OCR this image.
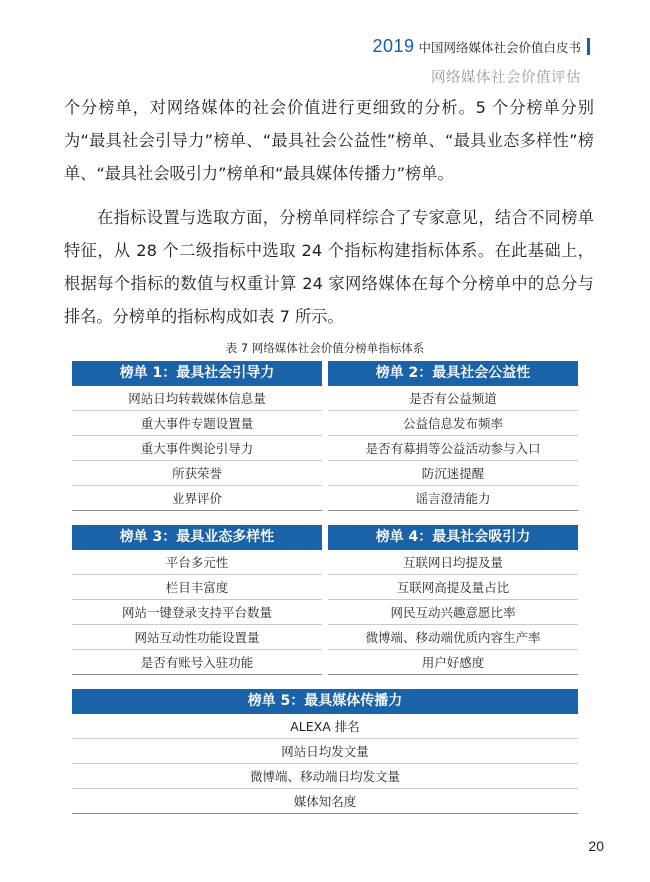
2019 中国网络媒体社会价值白皮书
网络媒体社会价值评估

个分榜单，对网络媒体的社会价值进行更细致的分析。5 个分榜单分别为“最具社会引导力”榜单、“最具社会公益性”榜单、“最具业态多样性”榜单、“最具社会吸引力”榜单和“最具媒体传播力”榜单。

在指标设置与选取方面，分榜单同样综合了专家意见，结合不同榜单特征，从 28 个二级指标中选取 24 个指标构建指标体系。在此基础上，根据每个指标的数值与权重计算 24 家网络媒体在每个分榜单中的总分与排名。分榜单的指标构成如表 7 所示。

表 7 网络媒体社会价值分榜单指标体系
榜单 1：最具社会引导力
网站日均转载媒体信息量
重大事件专题设置量
重大事件舆论引导力
所获荣誉
业界评价
榜单 2：最具社会公益性
是否有公益频道
公益信息发布频率
是否有募捐等公益活动参与入口
防沉迷提醒
谣言澄清能力
榜单 3：最具业态多样性
平台多元性
栏目丰富度
网站一键登录支持平台数量
网站互动性功能设置量
是否有账号入驻功能
榜单 4：最具社会吸引力
互联网日均提及量
互联网高提及量占比
网民互动兴趣意愿比率
微博端、移动端优质内容生产率
用户好感度
榜单 5：最具媒体传播力
ALEXA 排名
网站日均发文量
微博端、移动端日均发文量
媒体知名度
20
